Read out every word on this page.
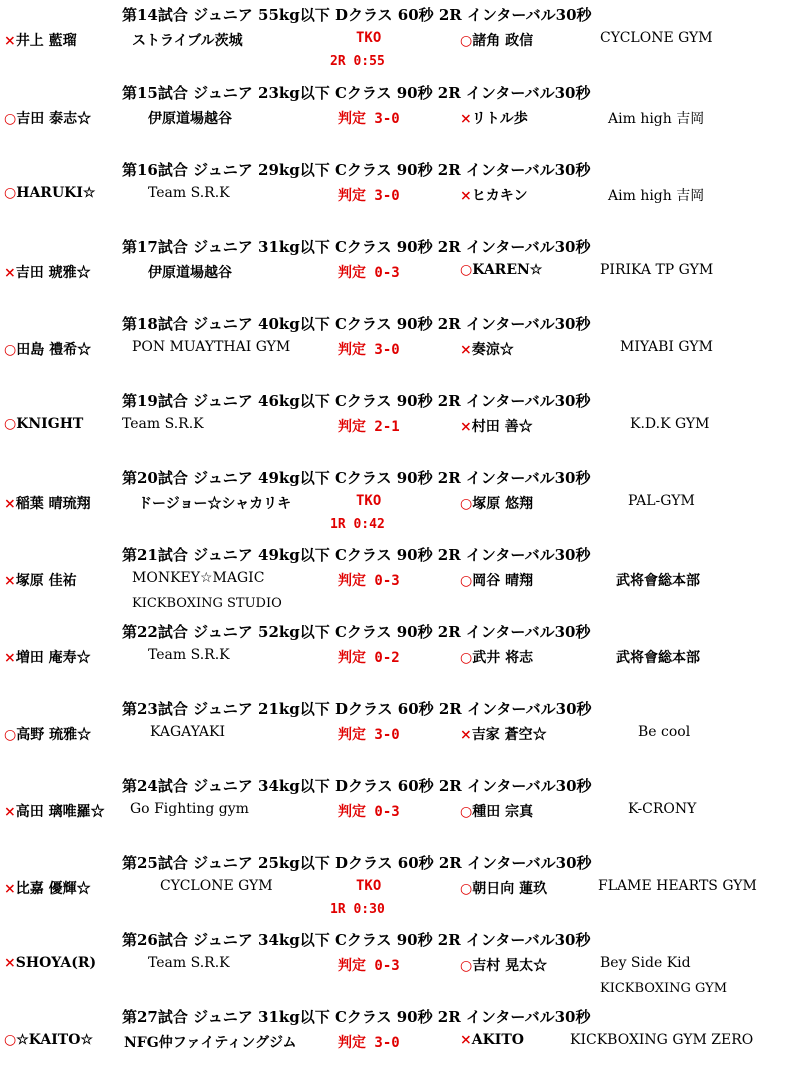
第14試合 ジュニア 55kg以下 Dクラス 60秒 2R インターバル30秒
×井上 藍瑠	ストライブル茨城	TKO	○諸角 政信	CYCLONE GYM
2R 0:55
第15試合 ジュニア 23kg以下 Cクラス 90秒 2R インターバル30秒
○吉田 泰志☆	伊原道場越谷	判定 3-0	×リトル歩	Aim high 吉岡
第16試合 ジュニア 29kg以下 Cクラス 90秒 2R インターバル30秒
○HARUKI☆	Team S.R.K	判定 3-0	×ヒカキン	Aim high 吉岡
第17試合 ジュニア 31kg以下 Cクラス 90秒 2R インターバル30秒
×吉田 琥雅☆	伊原道場越谷	判定 0-3	○KAREN☆	PIRIKA TP GYM
第18試合 ジュニア 40kg以下 Cクラス 90秒 2R インターバル30秒
○田島 禮希☆	PON MUAYTHAI GYM	判定 3-0	×奏涼☆	MIYABI GYM
第19試合 ジュニア 46kg以下 Cクラス 90秒 2R インターバル30秒
○KNIGHT	Team S.R.K	判定 2-1	×村田 善☆	K.D.K GYM
第20試合 ジュニア 49kg以下 Cクラス 90秒 2R インターバル30秒
×稲葉 晴琉翔	ドージョー☆シャカリキ	TKO	○塚原 悠翔	PAL-GYM
1R 0:42
第21試合 ジュニア 49kg以下 Cクラス 90秒 2R インターバル30秒
×塚原 佳祐	MONKEY☆MAGIC	判定 0-3	○岡谷 晴翔	武将會総本部
KICKBOXING STUDIO
第22試合 ジュニア 52kg以下 Cクラス 90秒 2R インターバル30秒
×増田 庵寿☆	Team S.R.K	判定 0-2	○武井 将志	武将會総本部
第23試合 ジュニア 21kg以下 Dクラス 60秒 2R インターバル30秒
○高野 琉雅☆	KAGAYAKI	判定 3-0	×吉家 蒼空☆	Be cool
第24試合 ジュニア 34kg以下 Dクラス 60秒 2R インターバル30秒
×高田 璃唯羅☆ Go Fighting gym	判定 0-3	○種田 宗真	K-CRONY
第25試合 ジュニア 25kg以下 Dクラス 60秒 2R インターバル30秒
×比嘉 優輝☆	CYCLONE GYM	TKO	○朝日向 蓮玖	FLAME HEARTS GYM
1R 0:30
第26試合 ジュニア 34kg以下 Cクラス 90秒 2R インターバル30秒
×SHOYA(R)	Team S.R.K	判定 0-3	○吉村 晃太☆	Bey Side Kid
KICKBOXING GYM
第27試合 ジュニア 31kg以下 Cクラス 90秒 2R インターバル30秒
○☆KAITO☆ NFG仲ファイティングジム	判定 3-0	×AKITO	KICKBOXING GYM ZERO
